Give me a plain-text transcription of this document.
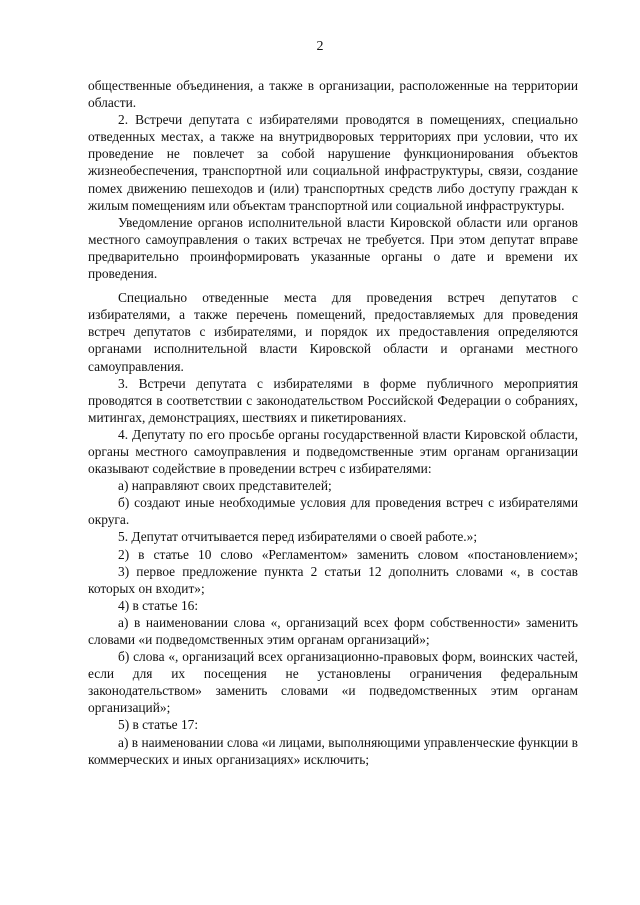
2

общественные объединения, а также в организации, расположенные на территории области.

2. Встречи депутата с избирателями проводятся в помещениях, специально отведенных местах, а также на внутридворовых территориях при условии, что их проведение не повлечет за собой нарушение функционирования объектов жизнеобеспечения, транспортной или социальной инфраструктуры, связи, создание помех движению пешеходов и (или) транспортных средств либо доступу граждан к жилым помещениям или объектам транспортной или социальной инфраструктуры.

Уведомление органов исполнительной власти Кировской области или органов местного самоуправления о таких встречах не требуется. При этом депутат вправе предварительно проинформировать указанные органы о дате и времени их проведения.

Специально отведенные места для проведения встреч депутатов с избирателями, а также перечень помещений, предоставляемых для проведения встреч депутатов с избирателями, и порядок их предоставления определяются органами исполнительной власти Кировской области и органами местного самоуправления.

3. Встречи депутата с избирателями в форме публичного мероприятия проводятся в соответствии с законодательством Российской Федерации о собраниях, митингах, демонстрациях, шествиях и пикетированиях.

4. Депутату по его просьбе органы государственной власти Кировской области, органы местного самоуправления и подведомственные этим органам организации оказывают содействие в проведении встреч с избирателями:

а) направляют своих представителей;

б) создают иные необходимые условия для проведения встреч с избирателями округа.

5. Депутат отчитывается перед избирателями о своей работе.»;

2) в статье 10 слово «Регламентом» заменить словом «постановлением»;

3) первое предложение пункта 2 статьи 12 дополнить словами «, в состав которых он входит»;

4) в статье 16:

а) в наименовании слова «, организаций всех форм собственности» заменить словами «и подведомственных этим органам организаций»;

б) слова «, организаций всех организационно-правовых форм, воинских частей, если для их посещения не установлены ограничения федеральным законодательством» заменить словами «и подведомственных этим органам организаций»;

5) в статье 17:

а) в наименовании слова «и лицами, выполняющими управленческие функции в коммерческих и иных организациях» исключить;
